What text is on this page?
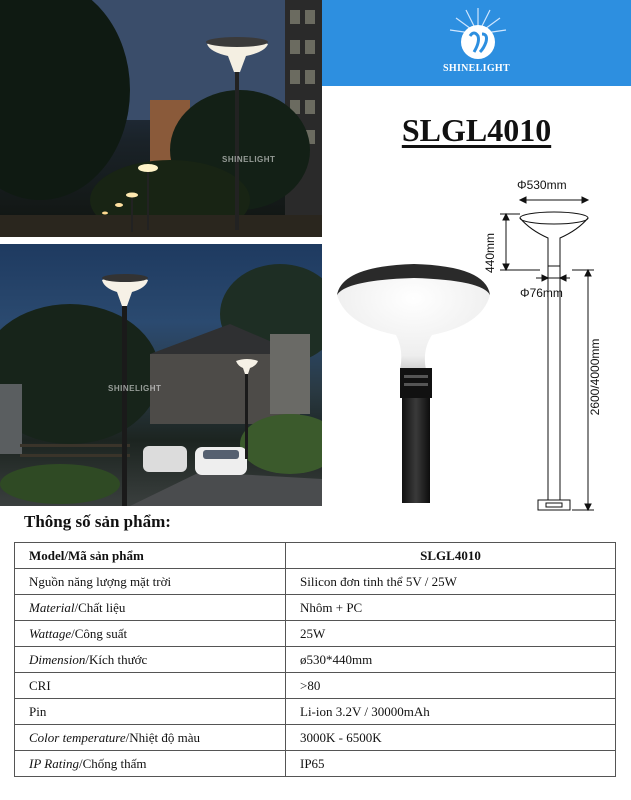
SHINELIGHT
SHINELIGHT
SHINELIGHT
SLGL4010
Φ530mm
440mm
Φ76mm
2600/4000mm
Thông số sản phẩm:
Model/Mã sản phẩm	SLGL4010
Nguồn năng lượng mặt trời	Silicon đơn tinh thể 5V / 25W
Material/Chất liệu	Nhôm + PC
Wattage/Công suất	25W
Dimension/Kích thước	ø530*440mm
CRI	>80
Pin	Li-ion 3.2V / 30000mAh
Color temperature/Nhiệt độ màu	3000K - 6500K
IP Rating/Chống thấm	IP65
